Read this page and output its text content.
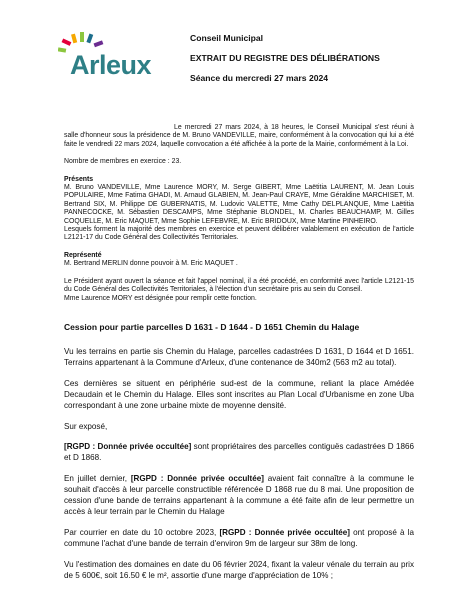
Arleux
Conseil Municipal
EXTRAIT DU REGISTRE DES DÉLIBÉRATIONS
Séance du mercredi 27 mars 2024

Le mercredi 27 mars 2024, à 18 heures, le Conseil Municipal s'est réuni à salle d'honneur sous la présidence de M. Bruno VANDEVILLE, maire, conformément à la convocation qui lui a été faite le vendredi 22 mars 2024, laquelle convocation a été affichée à la porte de la Mairie, conformément à la Loi.

Nombre de membres en exercice : 23.

Présents

M. Bruno VANDEVILLE, Mme Laurence MORY, M. Serge GIBERT, Mme Laëtitia LAURENT, M. Jean Louis POPULAIRE, Mme Fatima GHADI, M. Arnaud GLABIEN, M. Jean-Paul CRAYE, Mme Géraldine MARCHISET, M. Bertrand SIX, M. Philippe DE GUBERNATIS, M. Ludovic VALETTE, Mme Cathy DELPLANQUE, Mme Laëtitia PANNECOCKE, M. Sébastien DESCAMPS, Mme Stéphanie BLONDEL, M. Charles BEAUCHAMP, M. Gilles COQUELLE, M. Eric MAQUET, Mme Sophie LEFEBVRE, M. Eric BRIDOUX, Mme Martine PINHEIRO.

Lesquels forment la majorité des membres en exercice et peuvent délibérer valablement en exécution de l'article L2121-17 du Code Général des Collectivités Territoriales.

Représenté

M. Bertrand MERLIN donne pouvoir à M. Eric MAQUET .

Le Président ayant ouvert la séance et fait l'appel nominal, il a été procédé, en conformité avec l'article L2121-15 du Code Général des Collectivités Territoriales, à l'élection d'un secrétaire pris au sein du Conseil.

Mme Laurence MORY est désignée pour remplir cette fonction.

Cession pour partie parcelles D 1631 - D 1644 - D 1651 Chemin du Halage

Vu les terrains en partie sis Chemin du Halage, parcelles cadastrées D 1631, D 1644 et D 1651. Terrains appartenant à la Commune d'Arleux, d'une contenance de 340m2 (563 m2 au total).

Ces dernières se situent en périphérie sud-est de la commune, reliant la place Amédée Decaudain et le Chemin du Halage. Elles sont inscrites au Plan Local d'Urbanisme en zone Uba correspondant à une zone urbaine mixte de moyenne densité.

Sur exposé,

[RGPD : Donnée privée occultée] sont propriétaires des parcelles contiguës cadastrées D 1866 et D 1868.

En juillet dernier, [RGPD : Donnée privée occultée] avaient fait connaître à la commune le souhait d'accès à leur parcelle constructible référencée D 1868 rue du 8 mai. Une proposition de cession d'une bande de terrains appartenant à la commune a été faite afin de leur permettre un accès à leur terrain par le Chemin du Halage

Par courrier en date du 10 octobre 2023, [RGPD : Donnée privée occultée] ont proposé à la commune l'achat d'une bande de terrain d'environ 9m de largeur sur 38m de long.

Vu l'estimation des domaines en date du 06 février 2024, fixant la valeur vénale du terrain au prix de 5 600€, soit 16.50 € le m², assortie d'une marge d'appréciation de 10% ;
